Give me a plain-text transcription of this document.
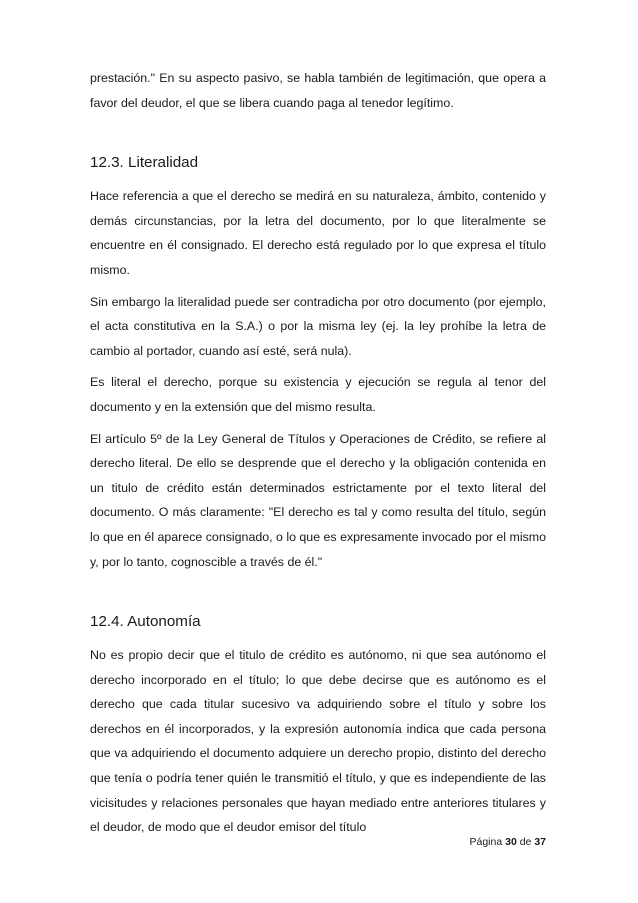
prestación." En su aspecto pasivo, se habla también de legitimación, que opera a favor del deudor, el que se libera cuando paga al tenedor legítimo.

12.3. Literalidad

Hace referencia a que el derecho se medirá en su naturaleza, ámbito, contenido y demás circunstancias, por la letra del documento, por lo que literalmente se encuentre en él consignado. El derecho está regulado por lo que expresa el título mismo.

Sin embargo la literalidad puede ser contradicha por otro documento (por ejemplo, el acta constitutiva en la S.A.) o por la misma ley (ej. la ley prohíbe la letra de cambio al portador, cuando así esté, será nula).

Es literal el derecho, porque su existencia y ejecución se regula al tenor del documento y en la extensión que del mismo resulta.

El artículo 5º de la Ley General de Títulos y Operaciones de Crédito, se refiere al derecho literal. De ello se desprende que el derecho y la obligación contenida en un titulo de crédito están determinados estrictamente por el texto literal del documento. O más claramente: "El derecho es tal y como resulta del título, según lo que en él aparece consignado, o lo que es expresamente invocado por el mismo y, por lo tanto, cognoscible a través de él."

12.4. Autonomía

No es propio decir que el titulo de crédito es autónomo, ni que sea autónomo el derecho incorporado en el título; lo que debe decirse que es autónomo es el derecho que cada titular sucesivo va adquiriendo sobre el título y sobre los derechos en él incorporados, y la expresión autonomía indica que cada persona que va adquiriendo el documento adquiere un derecho propio, distinto del derecho que tenía o podría tener quién le transmitió el título, y que es independiente de las vicisitudes y relaciones personales que hayan mediado entre anteriores titulares y el deudor, de modo que el deudor emisor del título

Página 30 de 37
